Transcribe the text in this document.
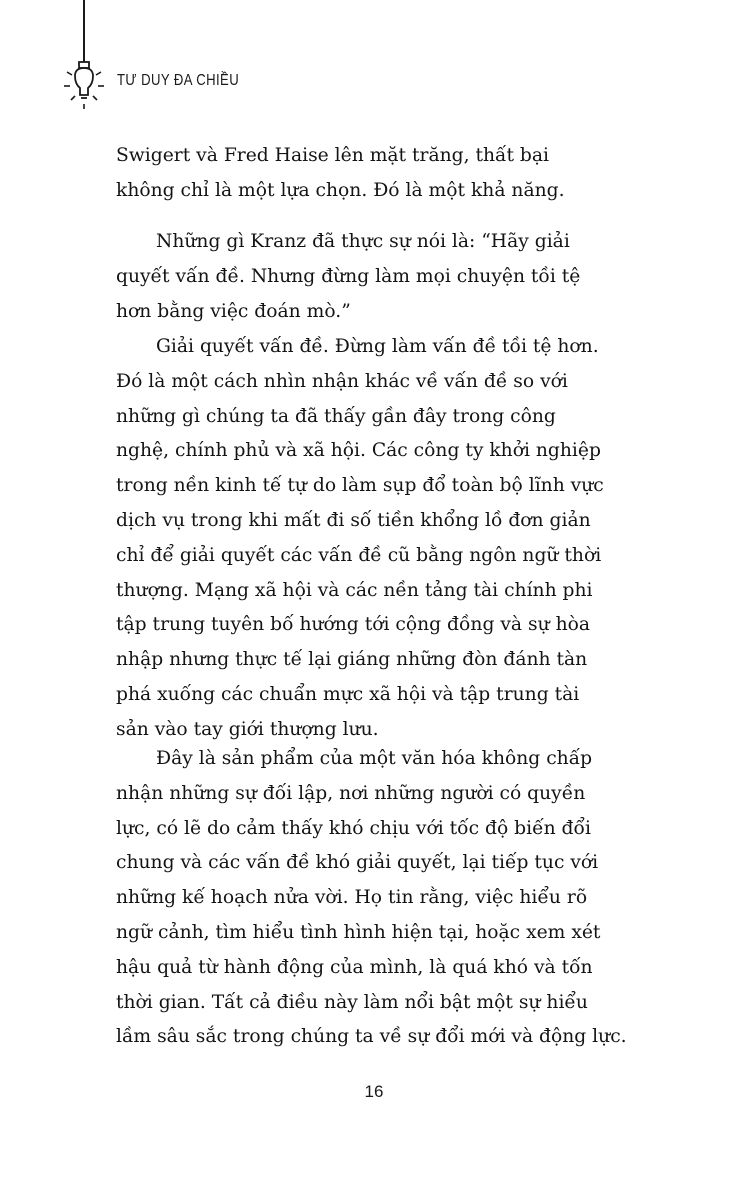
TƯ DUY ĐA CHIỀU

Swigert và Fred Haise lên mặt trăng, thất bại
không chỉ là một lựa chọn. Đó là một khả năng.

Những gì Kranz đã thực sự nói là: “Hãy giải
quyết vấn đề. Nhưng đừng làm mọi chuyện tồi tệ
hơn bằng việc đoán mò.”

Giải quyết vấn đề. Đừng làm vấn đề tồi tệ hơn.
Đó là một cách nhìn nhận khác về vấn đề so với
những gì chúng ta đã thấy gần đây trong công
nghệ, chính phủ và xã hội. Các công ty khởi nghiệp
trong nền kinh tế tự do làm sụp đổ toàn bộ lĩnh vực
dịch vụ trong khi mất đi số tiền khổng lồ đơn giản
chỉ để giải quyết các vấn đề cũ bằng ngôn ngữ thời
thượng. Mạng xã hội và các nền tảng tài chính phi
tập trung tuyên bố hướng tới cộng đồng và sự hòa
nhập nhưng thực tế lại giáng những đòn đánh tàn
phá xuống các chuẩn mực xã hội và tập trung tài
sản vào tay giới thượng lưu.

Đây là sản phẩm của một văn hóa không chấp
nhận những sự đối lập, nơi những người có quyền
lực, có lẽ do cảm thấy khó chịu với tốc độ biến đổi
chung và các vấn đề khó giải quyết, lại tiếp tục với
những kế hoạch nửa vời. Họ tin rằng, việc hiểu rõ
ngữ cảnh, tìm hiểu tình hình hiện tại, hoặc xem xét
hậu quả từ hành động của mình, là quá khó và tốn
thời gian. Tất cả điều này làm nổi bật một sự hiểu
lầm sâu sắc trong chúng ta về sự đổi mới và động lực.

16
